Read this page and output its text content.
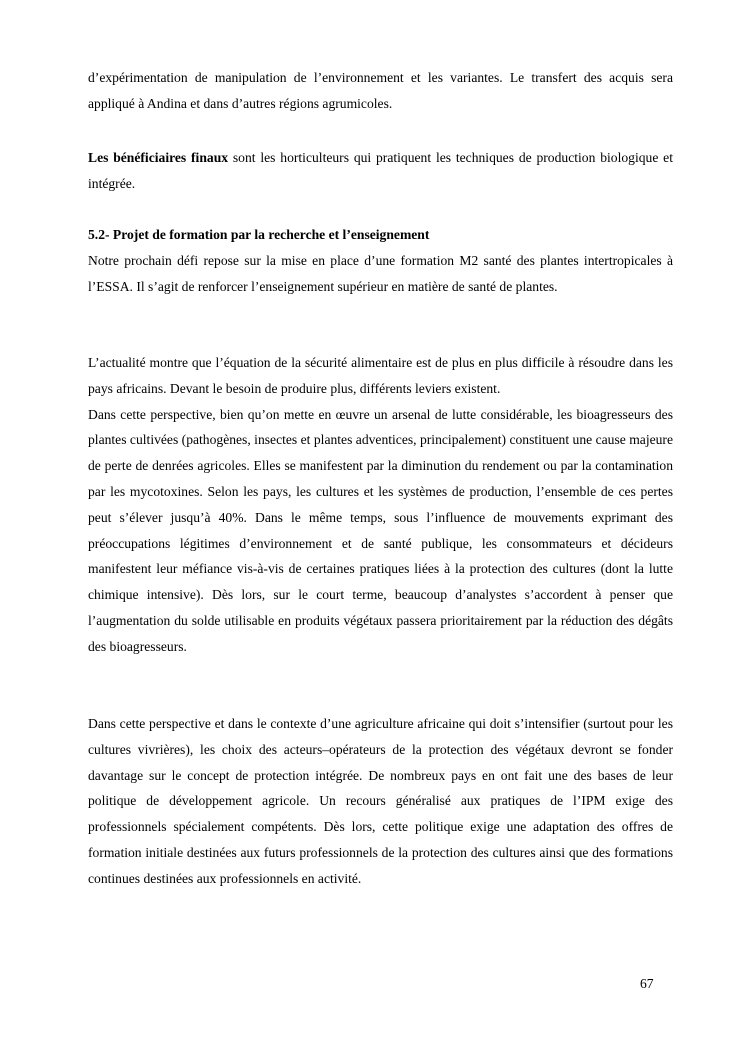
d’expérimentation de manipulation de l’environnement et les variantes. Le transfert des acquis sera appliqué à Andina et dans d’autres régions agrumicoles.

Les bénéficiaires finaux sont les horticulteurs qui pratiquent les techniques de production biologique et intégrée.

5.2- Projet de formation par la recherche et l’enseignement

Notre prochain défi repose sur la mise en place d’une formation M2 santé des plantes intertropicales à l’ESSA. Il s’agit de renforcer l’enseignement supérieur en matière de santé de plantes.

L’actualité montre que l’équation de la sécurité alimentaire est de plus en plus difficile à résoudre dans les pays africains. Devant le besoin de produire plus, différents leviers existent.

Dans cette perspective, bien qu’on mette en œuvre un arsenal de lutte considérable, les bioagresseurs des plantes cultivées (pathogènes, insectes et plantes adventices, principalement) constituent une cause majeure de perte de denrées agricoles. Elles se manifestent par la diminution du rendement ou par la contamination par les mycotoxines. Selon les pays, les cultures et les systèmes de production, l’ensemble de ces pertes peut s’élever jusqu’à 40%. Dans le même temps, sous l’influence de mouvements exprimant des préoccupations légitimes d’environnement et de santé publique, les consommateurs et décideurs manifestent leur méfiance vis-à-vis de certaines pratiques liées à la protection des cultures (dont la lutte chimique intensive). Dès lors, sur le court terme, beaucoup d’analystes s’accordent à penser que l’augmentation du solde utilisable en produits végétaux passera prioritairement par la réduction des dégâts des bioagresseurs.

Dans cette perspective et dans le contexte d’une agriculture africaine qui doit s’intensifier (surtout pour les cultures vivrières), les choix des acteurs–opérateurs de la protection des végétaux devront se fonder davantage sur le concept de protection intégrée. De nombreux pays en ont fait une des bases de leur politique de développement agricole. Un recours généralisé aux pratiques de l’IPM exige des professionnels spécialement compétents. Dès lors, cette politique exige une adaptation des offres de formation initiale destinées aux futurs professionnels de la protection des cultures ainsi que des formations continues destinées aux professionnels en activité.

67
